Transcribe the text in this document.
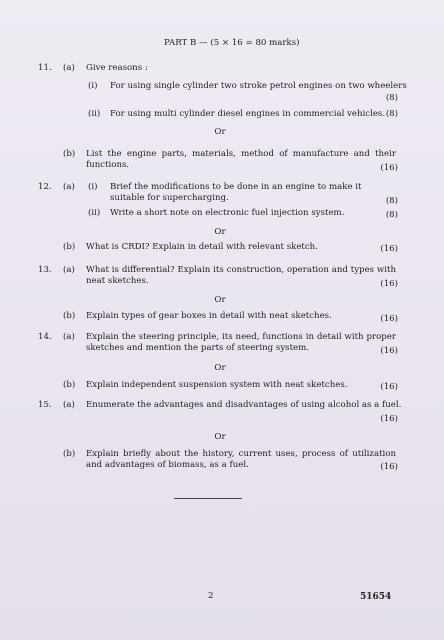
PART B — (5 × 16 = 80 marks)
11. (a) Give reasons :
(i) For using single cylinder two stroke petrol engines on two wheelers
(8)
(ii) For using multi cylinder diesel engines in commercial vehicles. (8)
Or
(b) List the engine parts, materials, method of manufacture and their functions.	(16)
12. (a) (i) Brief the modifications to be done in an engine to make it suitable for supercharging.	(8)
(ii) Write a short note on electronic fuel injection system.	(8)
Or
(b) What is CRDI? Explain in detail with relevant sketch.	(16)
13. (a) What is differential? Explain its construction, operation and types with neat sketches.	(16)
Or
(b) Explain types of gear boxes in detail with neat sketches.	(16)
14. (a) Explain the steering principle, its need, functions in detail with proper sketches and mention the parts of steering system.	(16)
Or
(b) Explain independent suspension system with neat sketches.	(16)
15. (a) Enumerate the advantages and disadvantages of using alcohol as a fuel.
(16)
Or
(b) Explain briefly about the history, current uses, process of utilization and advantages of biomass, as a fuel.	(16)
2	51654
